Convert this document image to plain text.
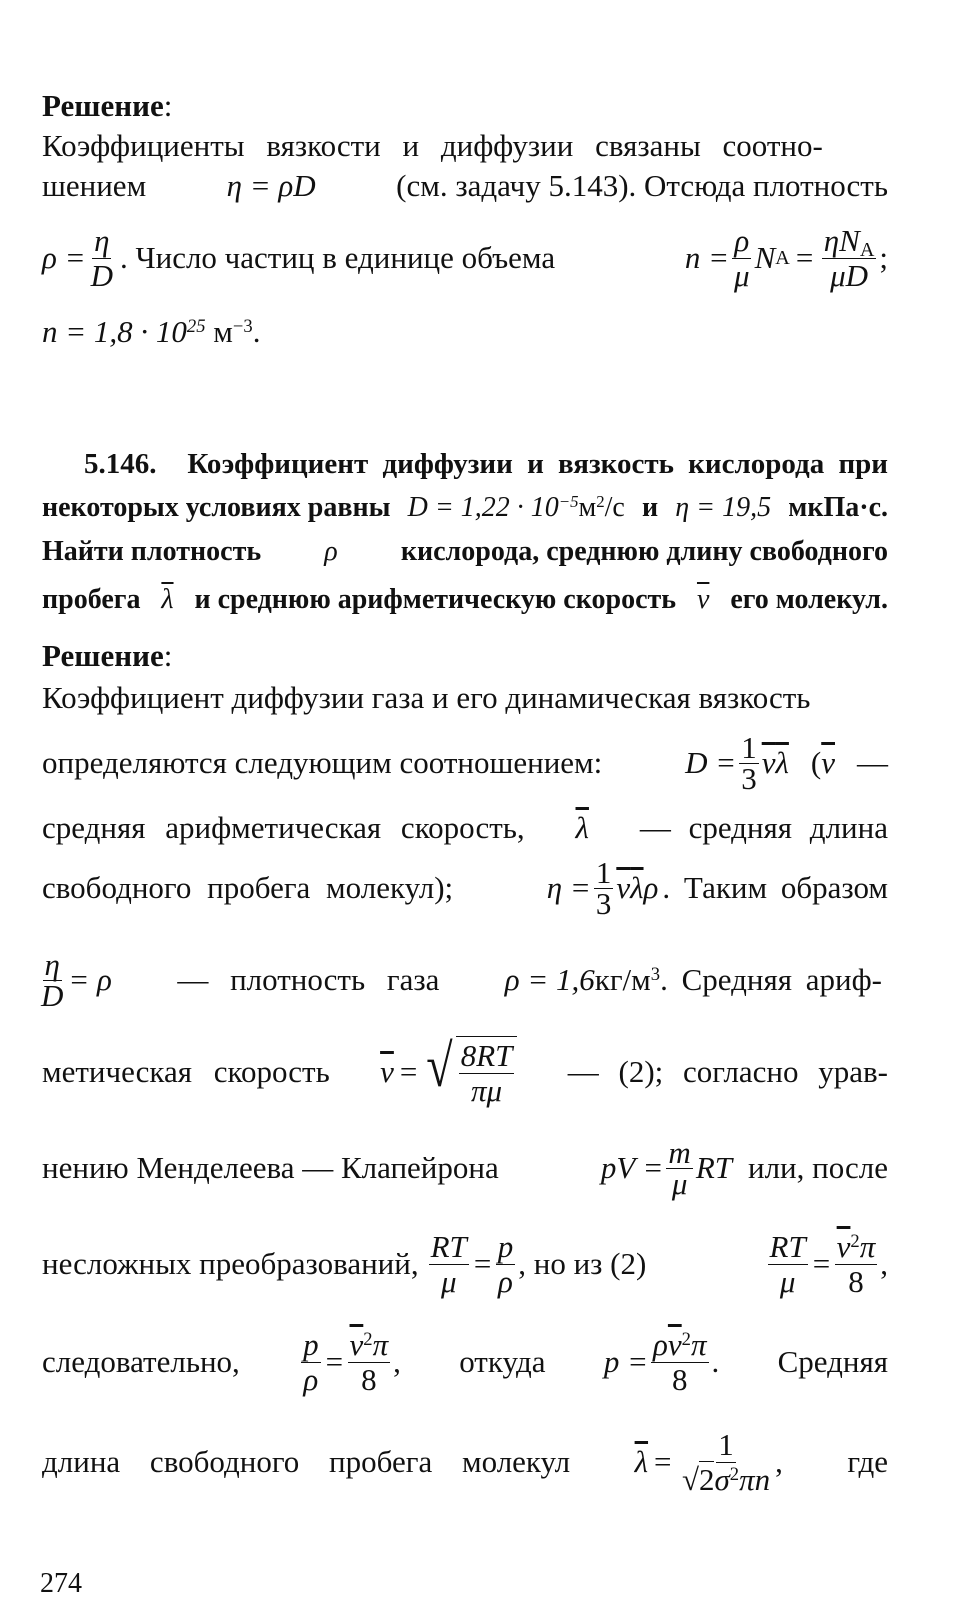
Решение:
Коэффициенты вязкости и диффузии связаны соотно-
шением	η = ρD	(см. задачу 5.143). Отсюда плотность
$\rho = \frac{\eta}{D}$ . Число частиц в единице объема	$n = \frac{\rho}{\mu}$ N $A = \frac{\eta N_A}{\mu D}$ ;
$n = 1,8 \cdot 10^{25}$ $м^{-3}$.
5.146. Коэффициент диффузии и вязкость кислорода при
некоторых условиях равны $D = 1,22 \cdot 10^{-5}м^2/с$ и η = 19,5 мкПа·с.
Найти плотность ρ кислорода, среднюю длину свободного
пробега $\overline{\lambda}$ и среднюю арифметическую скорость $\overline{v}$ его молекул.
Решение:
Коэффициент диффузии газа и его динамическая вязкость
определяются следующим соотношением:	$D = \frac{1}{3} \overline{v}$ $\overline{\lambda}$ ( $\overline{v}$ —
средняя арифметическая скорость, $\overline{\lambda}$ — средняя длина
свободного пробега молекул);	$\eta = \frac{1}{3} \overline{v}$ $\overline{\lambda}$ ρ . Таким образом
$\frac{\eta}{D} = \rho$ — плотность газа $\rho = 1,6кг/м^3$ . Средняя ариф-
метическая скорость $\overline{v}$ = √ $\frac{8RT}{\pi\mu}$ — (2); согласно урав-
нению Менделеева — Клапейрона	pV = $\frac{m}{\mu}$ RT или, после
несложных преобразований, $\frac{RT}{\mu} = \frac{p}{\rho}$ , но из (2)	$\frac{RT}{\mu} = \frac{\overline{v}^2\pi}{8}$ ,
следовательно, $\frac{p}{\rho} = \frac{\overline{v}^2\pi}{8}$ , откуда $p = \frac{\rho\overline{v}^2\pi}{8}$ . Средняя
длина свободного пробега молекул $\overline{\lambda} = \frac{1}{√2\sigma^2\pi n}$ , где
274
